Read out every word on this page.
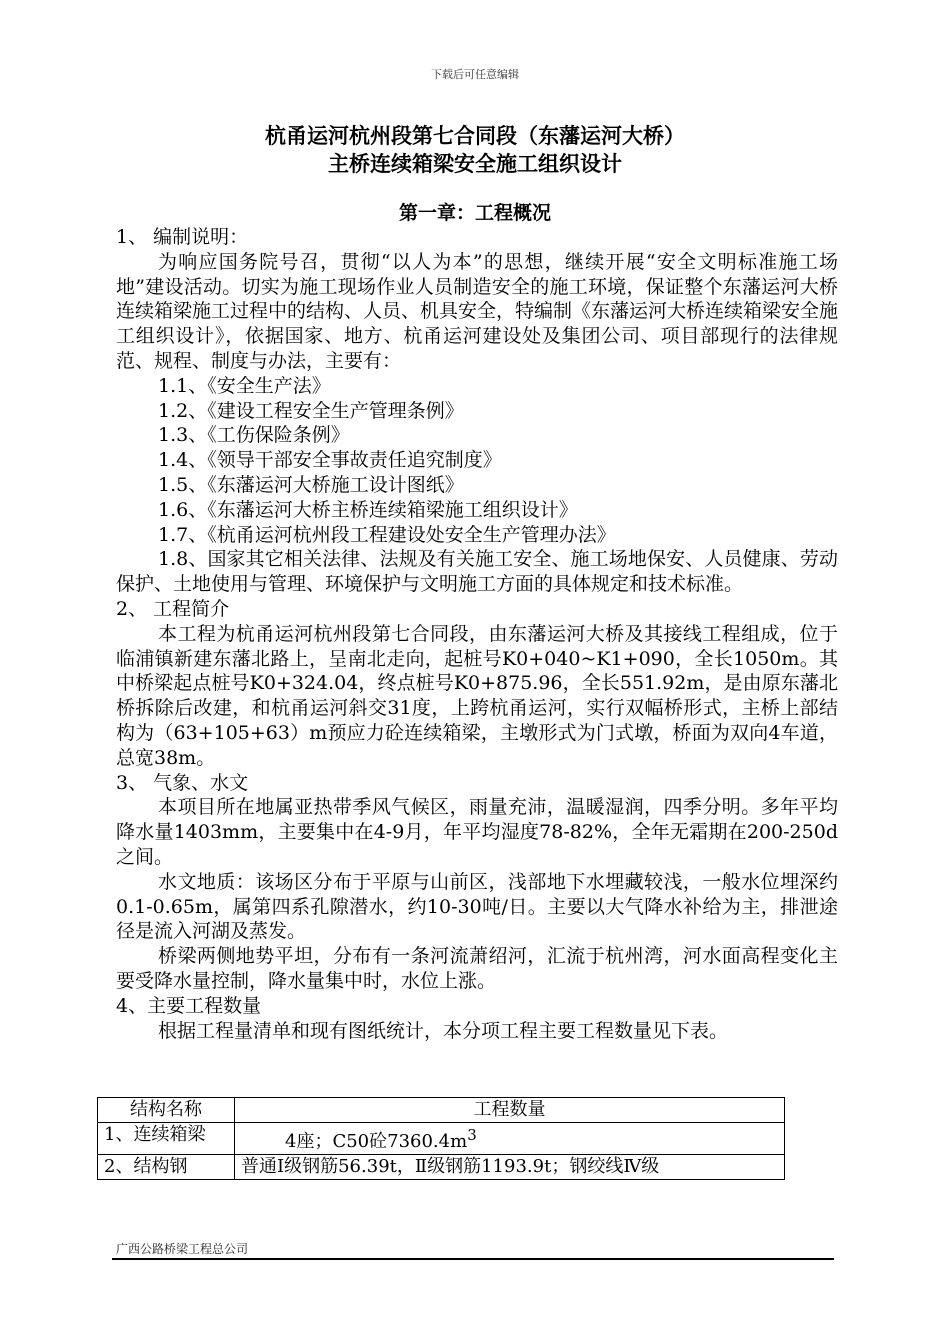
下载后可任意编辑
杭甬运河杭州段第七合同段（东藩运河大桥）
主桥连续箱梁安全施工组织设计
第一章：工程概况

1、 编制说明：

为响应国务院号召，贯彻“以人为本”的思想，继续开展“安全文明标准施工场地”建设活动。切实为施工现场作业人员制造安全的施工环境，保证整个东藩运河大桥连续箱梁施工过程中的结构、人员、机具安全，特编制《东藩运河大桥连续箱梁安全施工组织设计》，依据国家、地方、杭甬运河建设处及集团公司、项目部现行的法律规范、规程、制度与办法，主要有：

1.1、《安全生产法》

1.2、《建设工程安全生产管理条例》

1.3、《工伤保险条例》

1.4、《领导干部安全事故责任追究制度》

1.5、《东藩运河大桥施工设计图纸》

1.6、《东藩运河大桥主桥连续箱梁施工组织设计》

1.7、《杭甬运河杭州段工程建设处安全生产管理办法》

1.8、国家其它相关法律、法规及有关施工安全、施工场地保安、人员健康、劳动保护、土地使用与管理、环境保护与文明施工方面的具体规定和技术标准。

2、 工程简介

本工程为杭甬运河杭州段第七合同段，由东藩运河大桥及其接线工程组成，位于临浦镇新建东藩北路上，呈南北走向，起桩号K0+040~K1+090，全长1050m。其中桥梁起点桩号K0+324.04，终点桩号K0+875.96，全长551.92m，是由原东藩北桥拆除后改建，和杭甬运河斜交31度，上跨杭甬运河，实行双幅桥形式，主桥上部结构为（63+105+63）m预应力砼连续箱梁，主墩形式为门式墩，桥面为双向4车道，总宽38m。

3、 气象、水文

本项目所在地属亚热带季风气候区，雨量充沛，温暖湿润，四季分明。多年平均降水量1403mm，主要集中在4-9月，年平均湿度78-82%，全年无霜期在200-250d之间。

水文地质：该场区分布于平原与山前区，浅部地下水埋藏较浅，一般水位埋深约0.1-0.65m，属第四系孔隙潜水，约10-30吨/日。主要以大气降水补给为主，排泄途径是流入河湖及蒸发。

桥梁两侧地势平坦，分布有一条河流萧绍河，汇流于杭州湾，河水面高程变化主要受降水量控制，降水量集中时，水位上涨。

4、主要工程数量

根据工程量清单和现有图纸统计，本分项工程主要工程数量见下表。

结构名称	工程数量
1、连续箱梁	4座；C50砼$7360.4m^3$
2、结构钢	普通Ⅰ级钢筋56.39t，Ⅱ级钢筋1193.9t；钢绞线Ⅳ级
广西公路桥梁工程总公司
